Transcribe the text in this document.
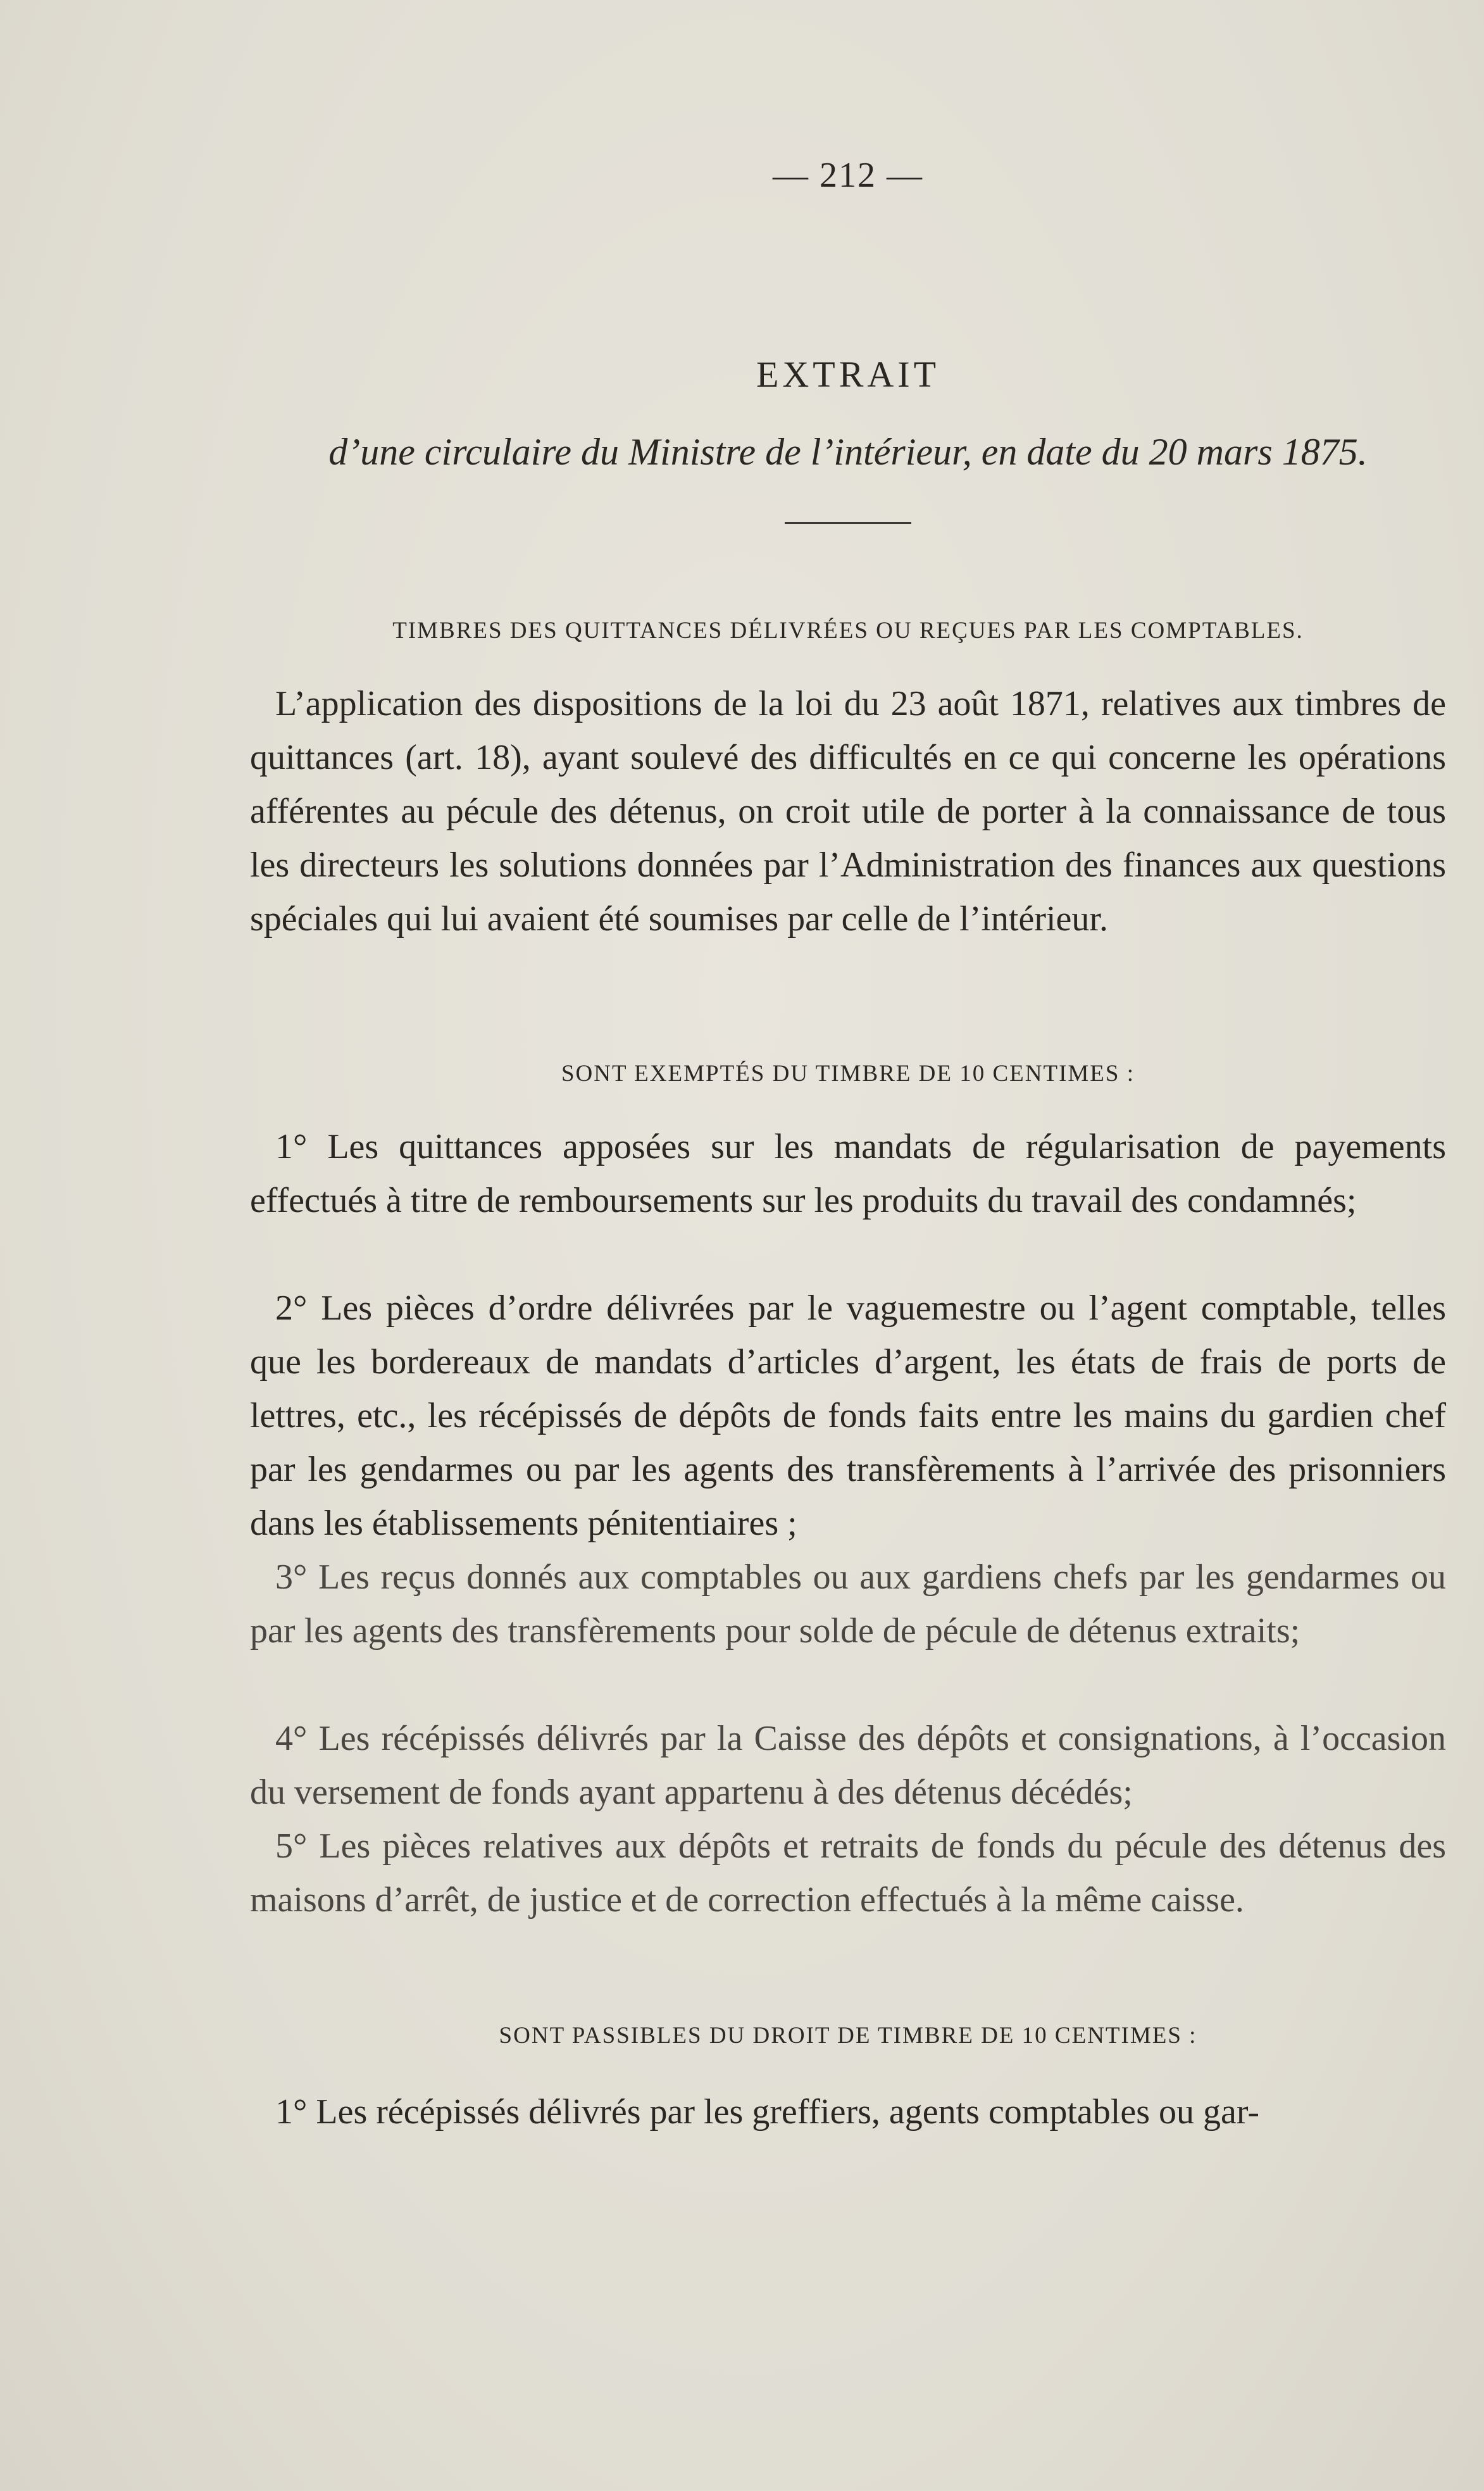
— 212 —
EXTRAIT
d’une circulaire du Ministre de l’intérieur, en date du 20 mars 1875.
TIMBRES DES QUITTANCES DÉLIVRÉES OU REÇUES PAR LES COMPTABLES.

L’application des dispositions de la loi du 23 août 1871, relatives aux timbres de quittances (art. 18), ayant soulevé des difficultés en ce qui concerne les opérations afférentes au pécule des détenus, on croit utile de porter à la connaissance de tous les directeurs les solutions données par l’Administration des finances aux questions spéciales qui lui avaient été soumises par celle de l’intérieur.

SONT EXEMPTÉS DU TIMBRE DE 10 CENTIMES :

1° Les quittances apposées sur les mandats de régularisation de payements effectués à titre de remboursements sur les produits du travail des condamnés;

2° Les pièces d’ordre délivrées par le vaguemestre ou l’agent comptable, telles que les bordereaux de mandats d’articles d’argent, les états de frais de ports de lettres, etc., les récépissés de dépôts de fonds faits entre les mains du gardien chef par les gendarmes ou par les agents des transfèrements à l’arrivée des prisonniers dans les établissements pénitentiaires ;

3° Les reçus donnés aux comptables ou aux gardiens chefs par les gendarmes ou par les agents des transfèrements pour solde de pécule de détenus extraits;

4° Les récépissés délivrés par la Caisse des dépôts et consignations, à l’occasion du versement de fonds ayant appartenu à des détenus décédés;

5° Les pièces relatives aux dépôts et retraits de fonds du pécule des détenus des maisons d’arrêt, de justice et de correction effectués à la même caisse.

SONT PASSIBLES DU DROIT DE TIMBRE DE 10 CENTIMES :

1° Les récépissés délivrés par les greffiers, agents comptables ou gar-
